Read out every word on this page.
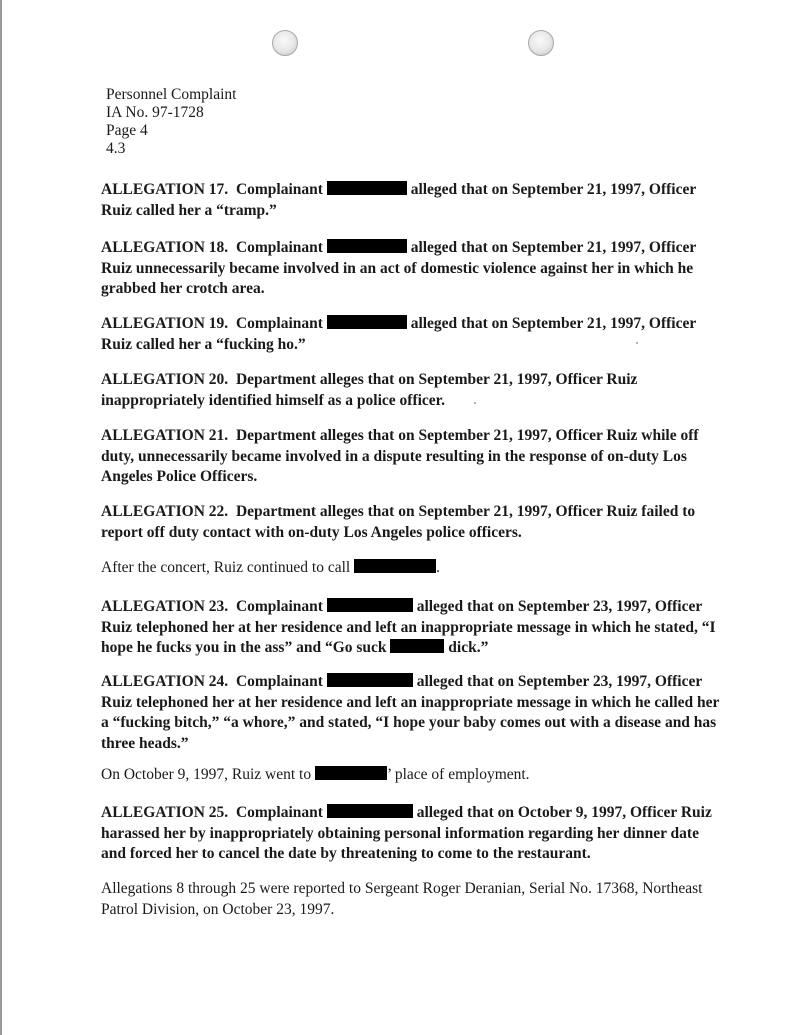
Personnel Complaint
IA No. 97-1728
Page 4
4.3
ALLEGATION 17. Complainant	alleged that on September 21, 1997, Officer Ruiz called her a “tramp.”
ALLEGATION 18. Complainant	alleged that on September 21, 1997, Officer Ruiz unnecessarily became involved in an act of domestic violence against her in which he grabbed her crotch area.
ALLEGATION 19. Complainant	alleged that on September 21, 1997, Officer Ruiz called her a “fucking ho.”
ALLEGATION 20. Department alleges that on September 21, 1997, Officer Ruiz inappropriately identified himself as a police officer.
ALLEGATION 21. Department alleges that on September 21, 1997, Officer Ruiz while off duty, unnecessarily became involved in a dispute resulting in the response of on-duty Los Angeles Police Officers.
ALLEGATION 22. Department alleges that on September 21, 1997, Officer Ruiz failed to report off duty contact with on-duty Los Angeles police officers.
After the concert, Ruiz continued to call	.
ALLEGATION 23. Complainant	alleged that on September 23, 1997, Officer Ruiz telephoned her at her residence and left an inappropriate message in which he stated, “I hope he fucks you in the ass” and “Go suck	dick.”
ALLEGATION 24. Complainant	alleged that on September 23, 1997, Officer Ruiz telephoned her at her residence and left an inappropriate message in which he called her a “fucking bitch,” “a whore,” and stated, “I hope your baby comes out with a disease and has three heads.”
On October 9, 1997, Ruiz went to	’ place of employment.
ALLEGATION 25. Complainant	alleged that on October 9, 1997, Officer Ruiz harassed her by inappropriately obtaining personal information regarding her dinner date and forced her to cancel the date by threatening to come to the restaurant.
Allegations 8 through 25 were reported to Sergeant Roger Deranian, Serial No. 17368, Northeast Patrol Division, on October 23, 1997.
